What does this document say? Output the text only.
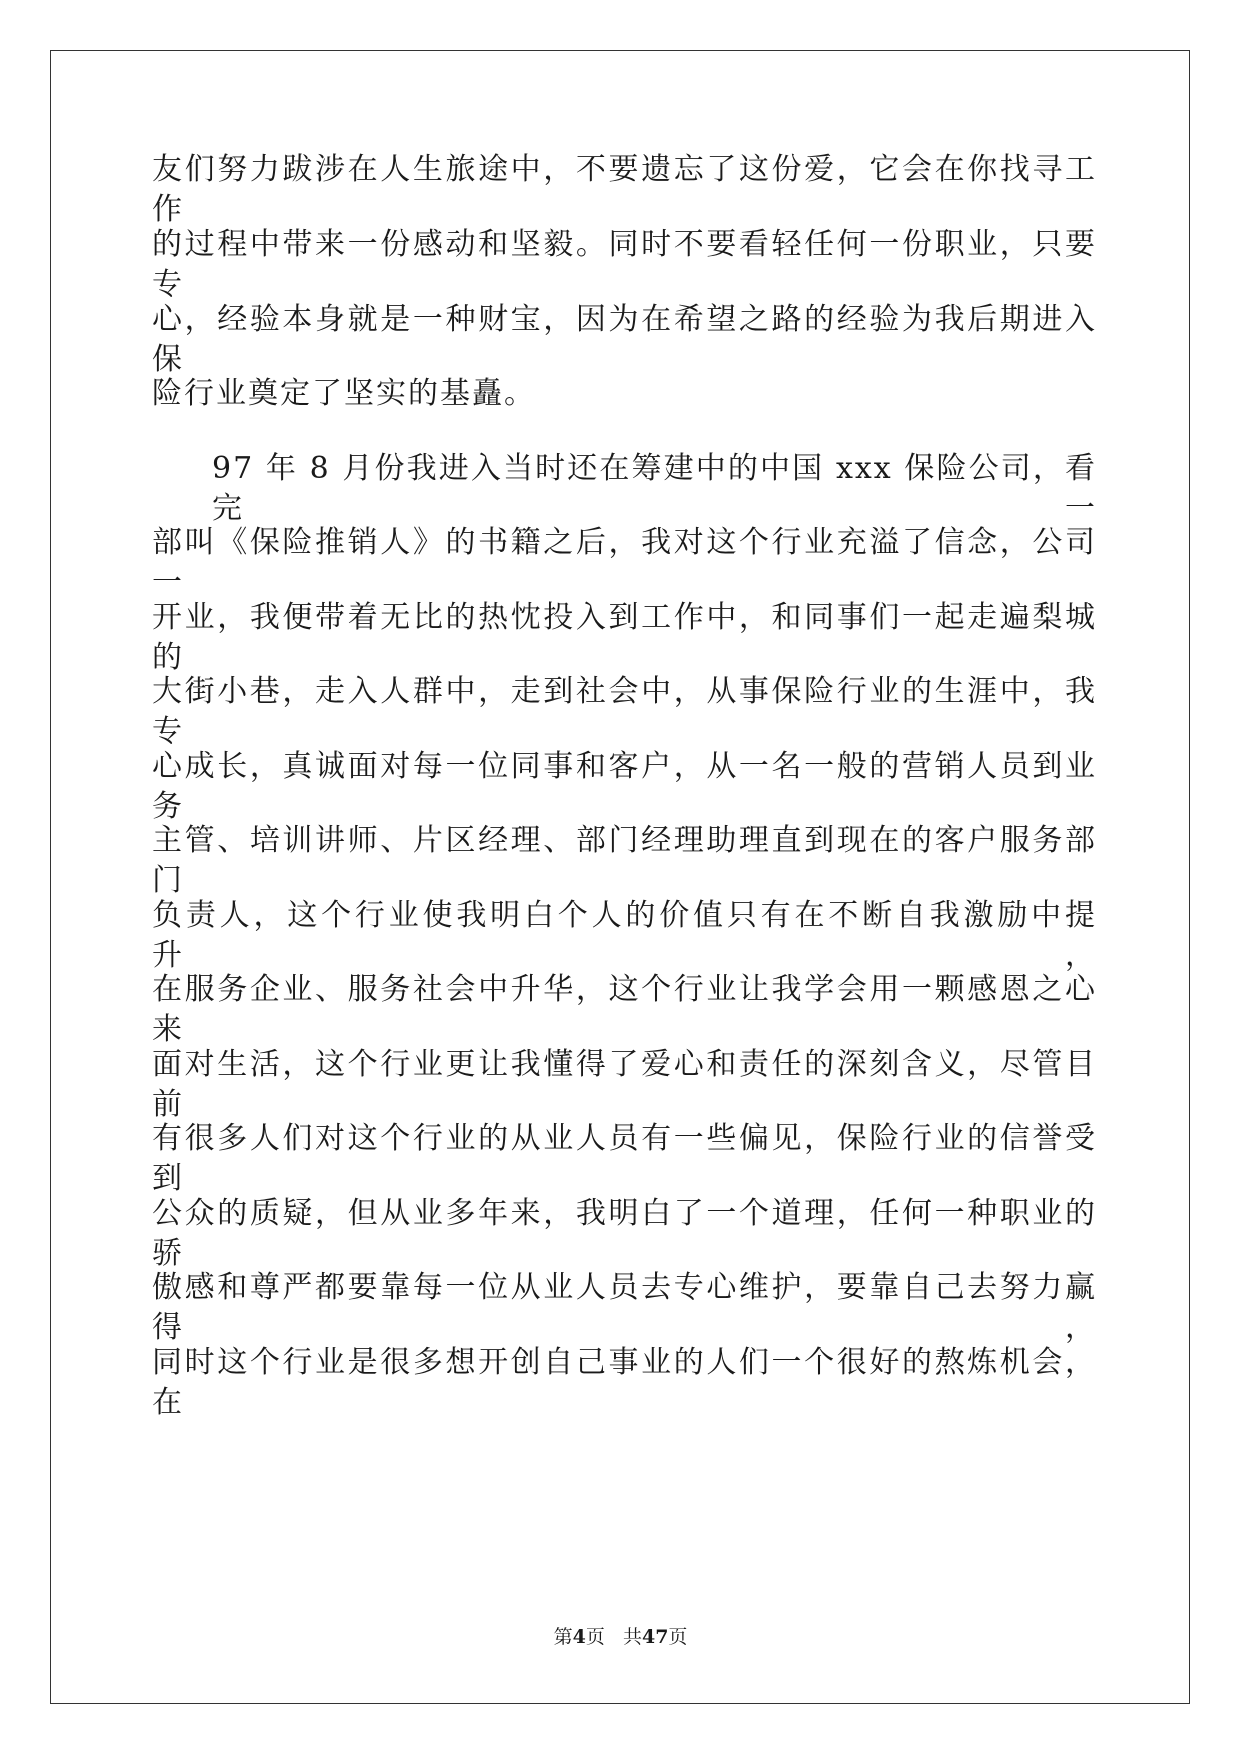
友们努力跋涉在人生旅途中，不要遗忘了这份爱，它会在你找寻工作
的过程中带来一份感动和坚毅。同时不要看轻任何一份职业，只要专
心，经验本身就是一种财宝，因为在希望之路的经验为我后期进入保
险行业奠定了坚实的基矗。
97 年 8 月份我进入当时还在筹建中的中国 xxx 保险公司，看完一
部叫《保险推销人》的书籍之后，我对这个行业充溢了信念，公司一
开业，我便带着无比的热忱投入到工作中，和同事们一起走遍梨城的
大街小巷，走入人群中，走到社会中，从事保险行业的生涯中，我专
心成长，真诚面对每一位同事和客户，从一名一般的营销人员到业务
主管、培训讲师、片区经理、部门经理助理直到现在的客户服务部门
负责人，这个行业使我明白个人的价值只有在不断自我激励中提升，
在服务企业、服务社会中升华，这个行业让我学会用一颗感恩之心来
面对生活，这个行业更让我懂得了爱心和责任的深刻含义，尽管目前
有很多人们对这个行业的从业人员有一些偏见，保险行业的信誉受到
公众的质疑，但从业多年来，我明白了一个道理，任何一种职业的骄
傲感和尊严都要靠每一位从业人员去专心维护，要靠自己去努力赢得，
同时这个行业是很多想开创自己事业的人们一个很好的熬炼机会，在
第4页 共47页
